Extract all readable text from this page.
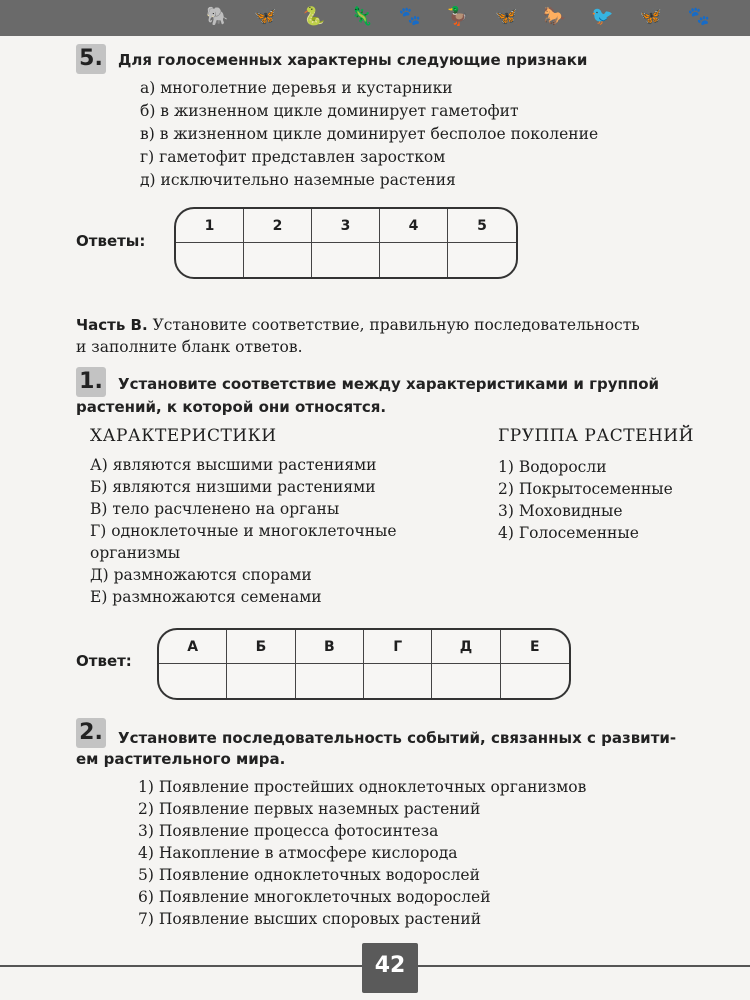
🐘 🦋 🐍 🦎 🐾 🦆 🦋 🐎 🐦 🦋 🐾
5. Для голосеменных характерны следующие признаки
а) многолетние деревья и кустарники
б) в жизненном цикле доминирует гаметофит
в) в жизненном цикле доминирует бесполое поколение
г) гаметофит представлен заростком
д) исключительно наземные растения
Ответы:
1	2	3	4	5
Часть В. Установите соответствие, правильную последовательность
и заполните бланк ответов.
1. Установите соответствие между характеристиками и группой
растений, к которой они относятся.
ХАРАКТЕРИСТИКИ	ГРУППА РАСТЕНИЙ
А) являются высшими растениями
Б) являются низшими растениями
В) тело расчленено на органы
Г) одноклеточные и многоклеточные
организмы
Д) размножаются спорами
Е) размножаются семенами
1) Водоросли
2) Покрытосеменные
3) Моховидные
4) Голосеменные
Ответ:
А	Б	В	Г	Д	Е
2. Установите последовательность событий, связанных с развити-
ем растительного мира.
1) Появление простейших одноклеточных организмов
2) Появление первых наземных растений
3) Появление процесса фотосинтеза
4) Накопление в атмосфере кислорода
5) Появление одноклеточных водорослей
6) Появление многоклеточных водорослей
7) Появление высших споровых растений
42
